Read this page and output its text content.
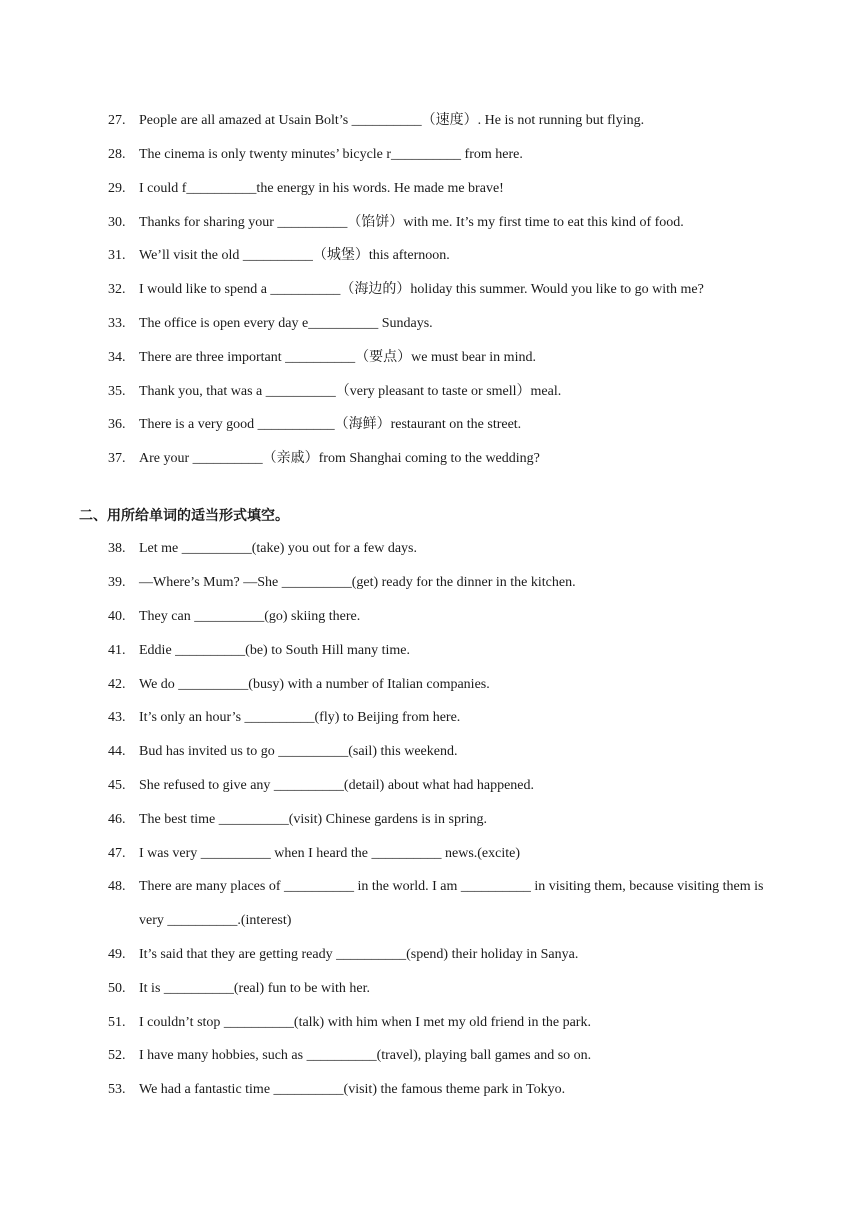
27. People are all amazed at Usain Bolt’s __________（速度）. He is not running but flying.
28. The cinema is only twenty minutes’ bicycle r__________ from here.
29. I could f__________the energy in his words. He made me brave!
30. Thanks for sharing your __________（馅饼）with me. It’s my first time to eat this kind of food.
31. We’ll visit the old __________（城堡）this afternoon.
32. I would like to spend a __________（海边的）holiday this summer. Would you like to go with me?
33. The office is open every day e__________ Sundays.
34. There are three important __________（要点）we must bear in mind.
35. Thank you, that was a __________（very pleasant to taste or smell）meal.
36. There is a very good ___________（海鲜）restaurant on the street.
37. Are your __________（亲戚）from Shanghai coming to the wedding?
二、用所给单词的适当形式填空。
38. Let me __________(take) you out for a few days.
39. —Where’s Mum? —She __________(get) ready for the dinner in the kitchen.
40. They can __________(go) skiing there.
41. Eddie __________(be) to South Hill many time.
42. We do __________(busy) with a number of Italian companies.
43. It’s only an hour’s __________(fly) to Beijing from here.
44. Bud has invited us to go __________(sail) this weekend.
45. She refused to give any __________(detail) about what had happened.
46. The best time __________(visit) Chinese gardens is in spring.
47. I was very __________ when I heard the __________ news.(excite)
48. There are many places of __________ in the world. I am __________ in visiting them, because visiting them is very __________.(interest)
49. It’s said that they are getting ready __________(spend) their holiday in Sanya.
50. It is __________(real) fun to be with her.
51. I couldn’t stop __________(talk) with him when I met my old friend in the park.
52. I have many hobbies, such as __________(travel), playing ball games and so on.
53. We had a fantastic time __________(visit) the famous theme park in Tokyo.
